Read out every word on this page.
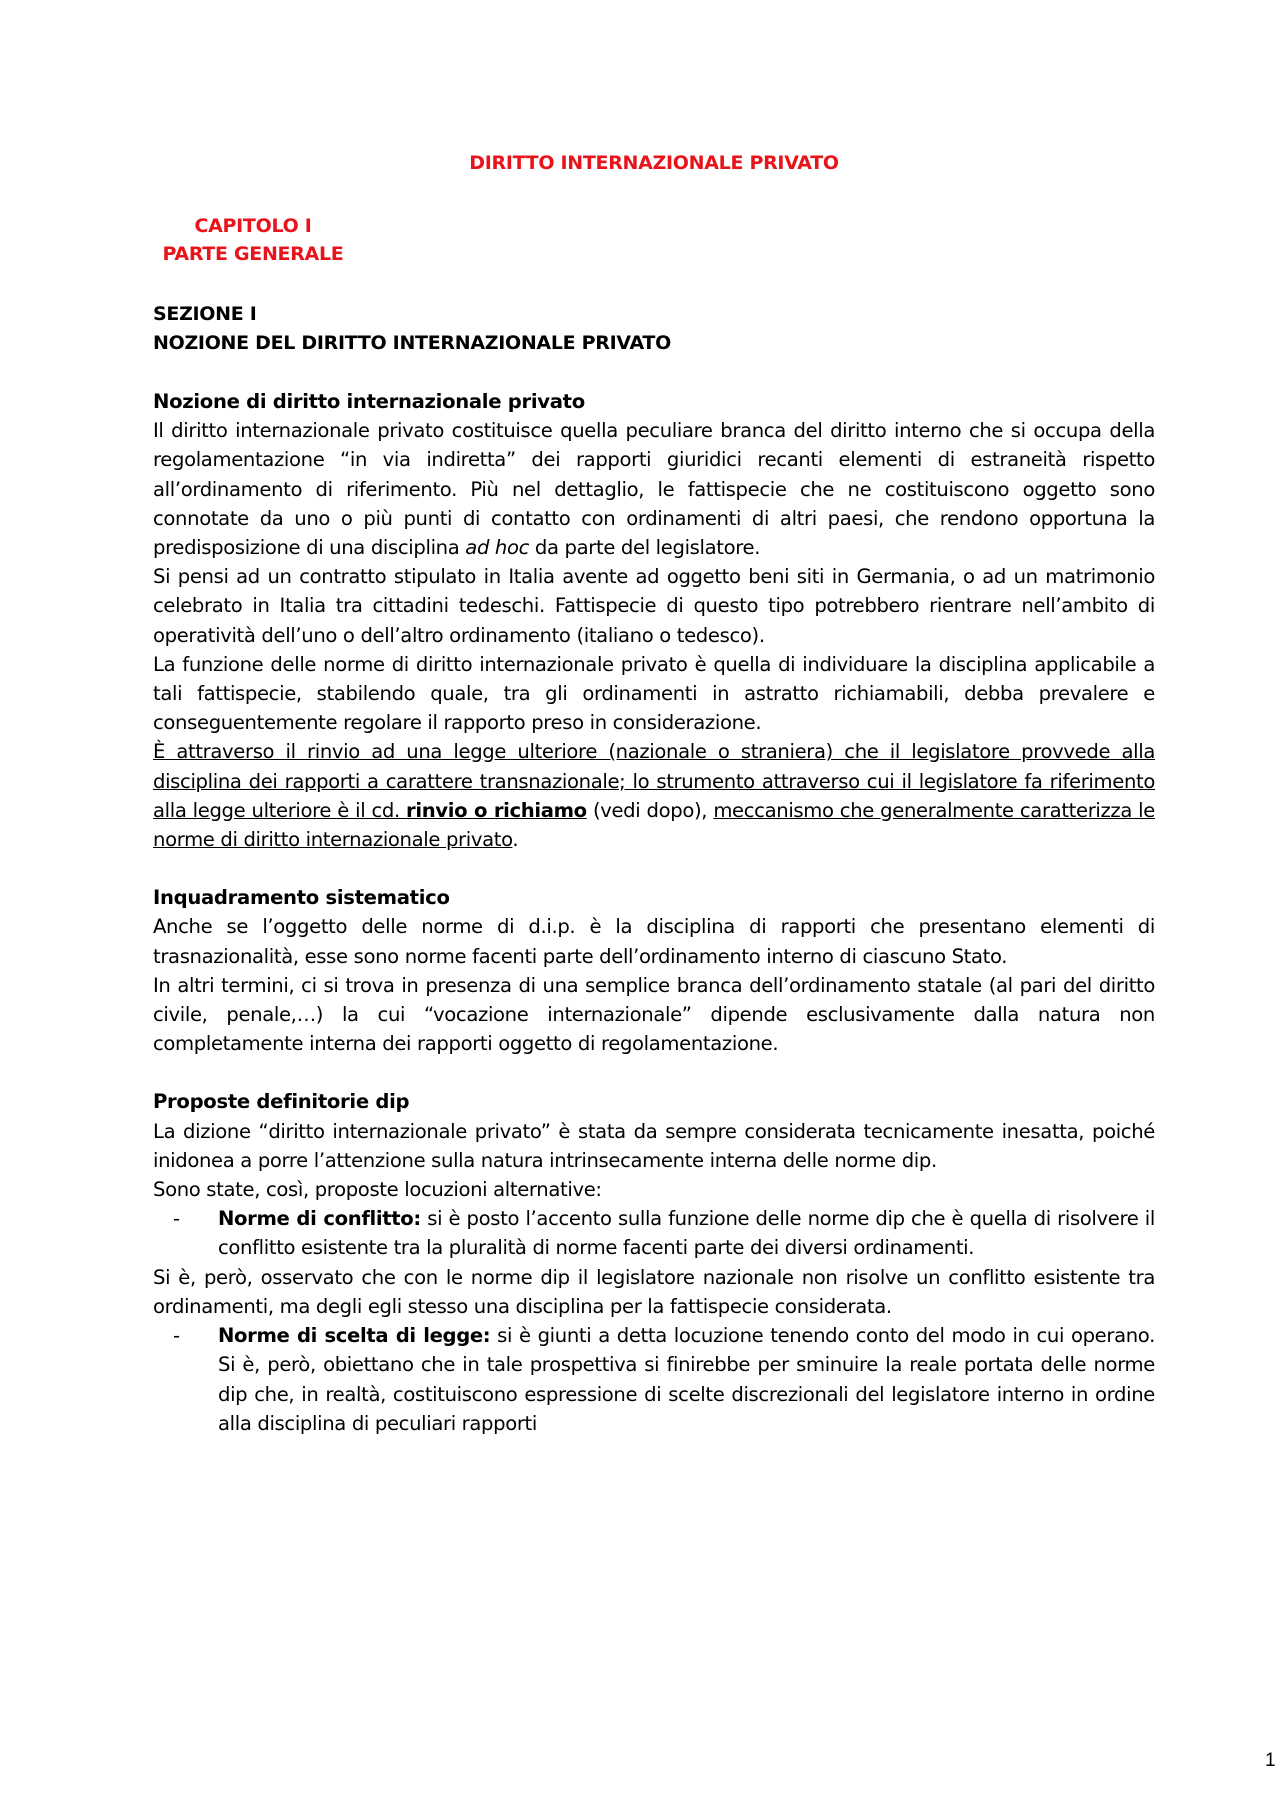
DIRITTO INTERNAZIONALE PRIVATO
CAPITOLO I
PARTE GENERALE
SEZIONE I
NOZIONE DEL DIRITTO INTERNAZIONALE PRIVATO
Nozione di diritto internazionale privato

Il diritto internazionale privato costituisce quella peculiare branca del diritto interno che si occupa della regolamentazione “in via indiretta” dei rapporti giuridici recanti elementi di estraneità rispetto all’ordinamento di riferimento. Più nel dettaglio, le fattispecie che ne costituiscono oggetto sono connotate da uno o più punti di contatto con ordinamenti di altri paesi, che rendono opportuna la predisposizione di una disciplina ad hoc da parte del legislatore.

Si pensi ad un contratto stipulato in Italia avente ad oggetto beni siti in Germania, o ad un matrimonio celebrato in Italia tra cittadini tedeschi. Fattispecie di questo tipo potrebbero rientrare nell’ambito di operatività dell’uno o dell’altro ordinamento (italiano o tedesco).

La funzione delle norme di diritto internazionale privato è quella di individuare la disciplina applicabile a tali fattispecie, stabilendo quale, tra gli ordinamenti in astratto richiamabili, debba prevalere e conseguentemente regolare il rapporto preso in considerazione.

È attraverso il rinvio ad una legge ulteriore (nazionale o straniera) che il legislatore provvede alla disciplina dei rapporti a carattere transnazionale; lo strumento attraverso cui il legislatore fa riferimento alla legge ulteriore è il cd. rinvio o richiamo (vedi dopo), meccanismo che generalmente caratterizza le norme di diritto internazionale privato.

Inquadramento sistematico

Anche se l’oggetto delle norme di d.i.p. è la disciplina di rapporti che presentano elementi di trasnazionalità, esse sono norme facenti parte dell’ordinamento interno di ciascuno Stato.

In altri termini, ci si trova in presenza di una semplice branca dell’ordinamento statale (al pari del diritto civile, penale,…) la cui “vocazione internazionale” dipende esclusivamente dalla natura non completamente interna dei rapporti oggetto di regolamentazione.

Proposte definitorie dip

La dizione “diritto internazionale privato” è stata da sempre considerata tecnicamente inesatta, poiché inidonea a porre l’attenzione sulla natura intrinsecamente interna delle norme dip.

Sono state, così, proposte locuzioni alternative:

- Norme di conflitto: si è posto l’accento sulla funzione delle norme dip che è quella di risolvere il conflitto esistente tra la pluralità di norme facenti parte dei diversi ordinamenti.

Si è, però, osservato che con le norme dip il legislatore nazionale non risolve un conflitto esistente tra ordinamenti, ma degli egli stesso una disciplina per la fattispecie considerata.

- Norme di scelta di legge: si è giunti a detta locuzione tenendo conto del modo in cui operano. Si è, però, obiettano che in tale prospettiva si finirebbe per sminuire la reale portata delle norme dip che, in realtà, costituiscono espressione di scelte discrezionali del legislatore interno in ordine alla disciplina di peculiari rapporti
1
